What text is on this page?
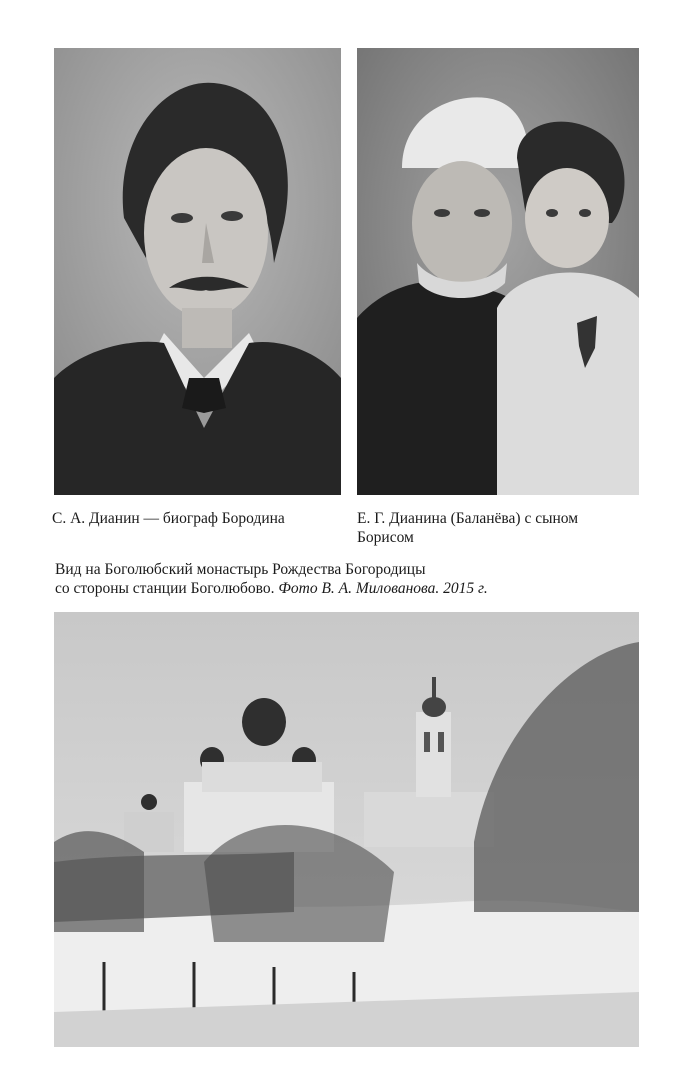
С. А. Дианин — биограф Бородина	Е. Г. Дианина (Баланёва) с сыном
Борисом
Вид на Боголюбский монастырь Рождества Богородицы
со стороны станции Боголюбово. Фото В. А. Милованова. 2015 г.
